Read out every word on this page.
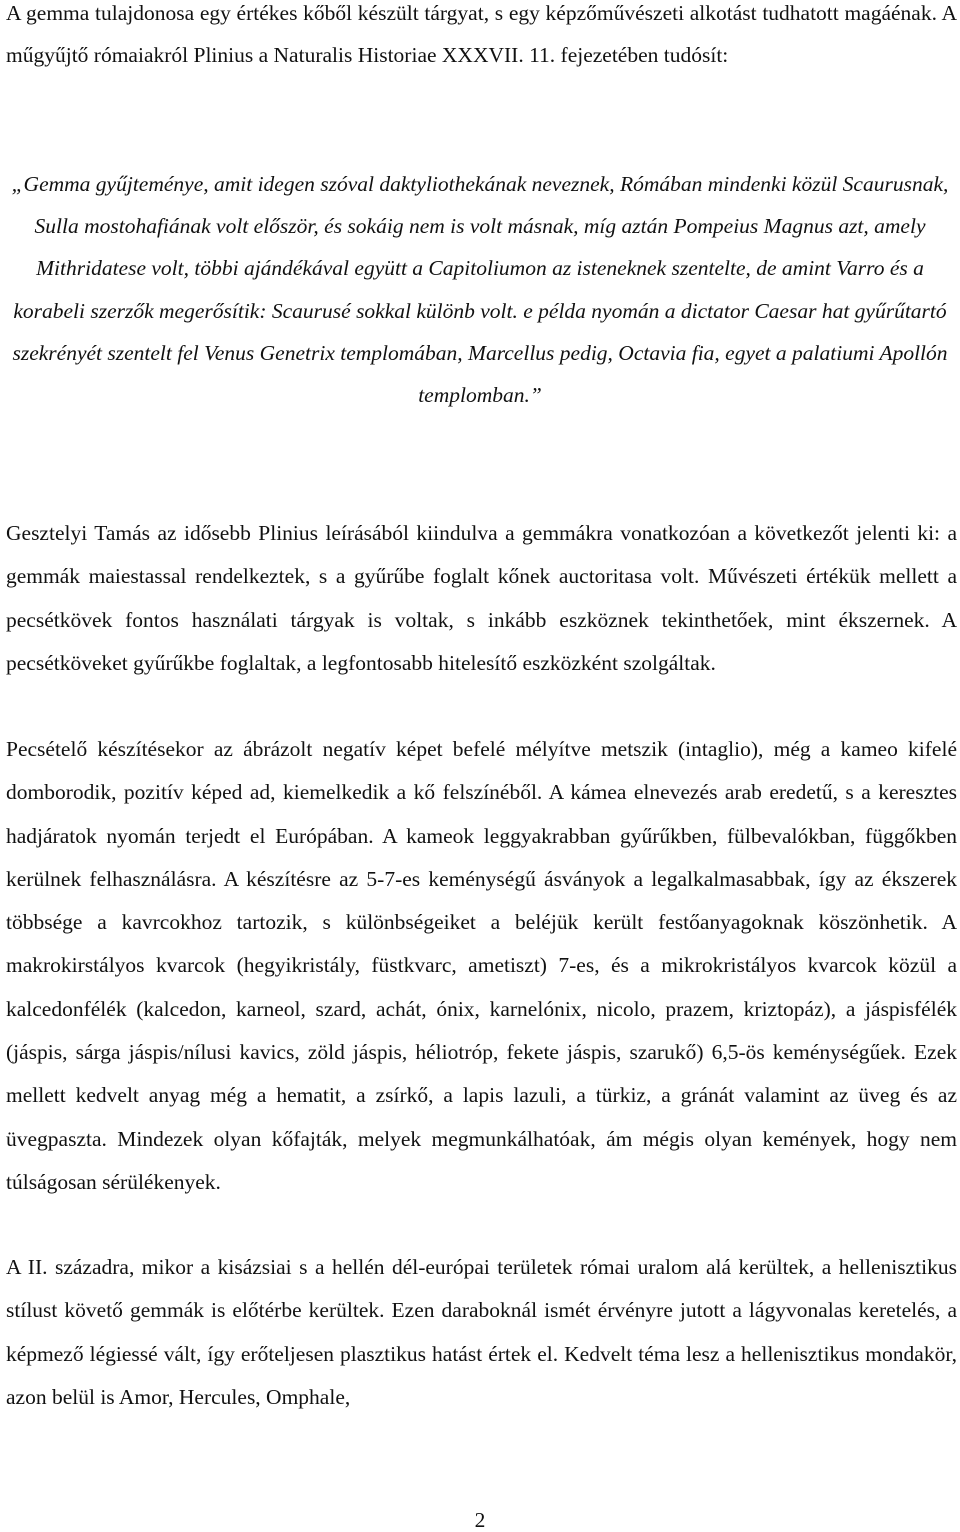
A gemma tulajdonosa egy értékes kőből készült tárgyat, s egy képzőművészeti alkotást tudhatott magáénak. A műgyűjtő rómaiakról Plinius a Naturalis Historiae XXXVII. 11. fejezetében tudósít:

„Gemma gyűjteménye, amit idegen szóval daktyliothekának neveznek, Rómában mindenki közül Scaurusnak, Sulla mostohafiának volt először, és sokáig nem is volt másnak, míg aztán Pompeius Magnus azt, amely Mithridatese volt, többi ajándékával együtt a Capitoliumon az isteneknek szentelte, de amint Varro és a korabeli szerzők megerősítik: Scaurusé sokkal különb volt. e példa nyomán a dictator Caesar hat gyűrűtartó szekrényét szentelt fel Venus Genetrix templomában, Marcellus pedig, Octavia fia, egyet a palatiumi Apollón templomban.”

Gesztelyi Tamás az idősebb Plinius leírásából kiindulva a gemmákra vonatkozóan a következőt jelenti ki: a gemmák maiestassal rendelkeztek, s a gyűrűbe foglalt kőnek auctoritasa volt. Művészeti értékük mellett a pecsétkövek fontos használati tárgyak is voltak, s inkább eszköznek tekinthetőek, mint ékszernek. A pecsétköveket gyűrűkbe foglaltak, a legfontosabb hitelesítő eszközként szolgáltak.

Pecsételő készítésekor az ábrázolt negatív képet befelé mélyítve metszik (intaglio), még a kameo kifelé domborodik, pozitív képed ad, kiemelkedik a kő felszínéből. A kámea elnevezés arab eredetű, s a keresztes hadjáratok nyomán terjedt el Európában. A kameok leggyakrabban gyűrűkben, fülbevalókban, függőkben kerülnek felhasználásra. A készítésre az 5-7-es keménységű ásványok a legalkalmasabbak, így az ékszerek többsége a kavrcokhoz tartozik, s különbségeiket a beléjük került festőanyagoknak köszönhetik. A makrokirstályos kvarcok (hegyikristály, füstkvarc, ametiszt) 7-es, és a mikrokristályos kvarcok közül a kalcedonfélék (kalcedon, karneol, szard, achát, ónix, karnelónix, nicolo, prazem, kriztopáz), a jáspisfélék (jáspis, sárga jáspis/nílusi kavics, zöld jáspis, héliotróp, fekete jáspis, szarukő) 6,5-ös keménységűek. Ezek mellett kedvelt anyag még a hematit, a zsírkő, a lapis lazuli, a türkiz, a gránát valamint az üveg és az üvegpaszta. Mindezek olyan kőfajták, melyek megmunkálhatóak, ám mégis olyan kemények, hogy nem túlságosan sérülékenyek.

A II. századra, mikor a kisázsiai s a hellén dél-európai területek római uralom alá kerültek, a hellenisztikus stílust követő gemmák is előtérbe kerültek. Ezen darabоknál ismét érvényre jutott a lágyvonalas keretelés, a képmező légiessé vált, így erőteljesen plasztikus hatást értek el. Kedvelt téma lesz a hellenisztikus mondakör, azon belül is Amor, Hercules, Omphale,

2
